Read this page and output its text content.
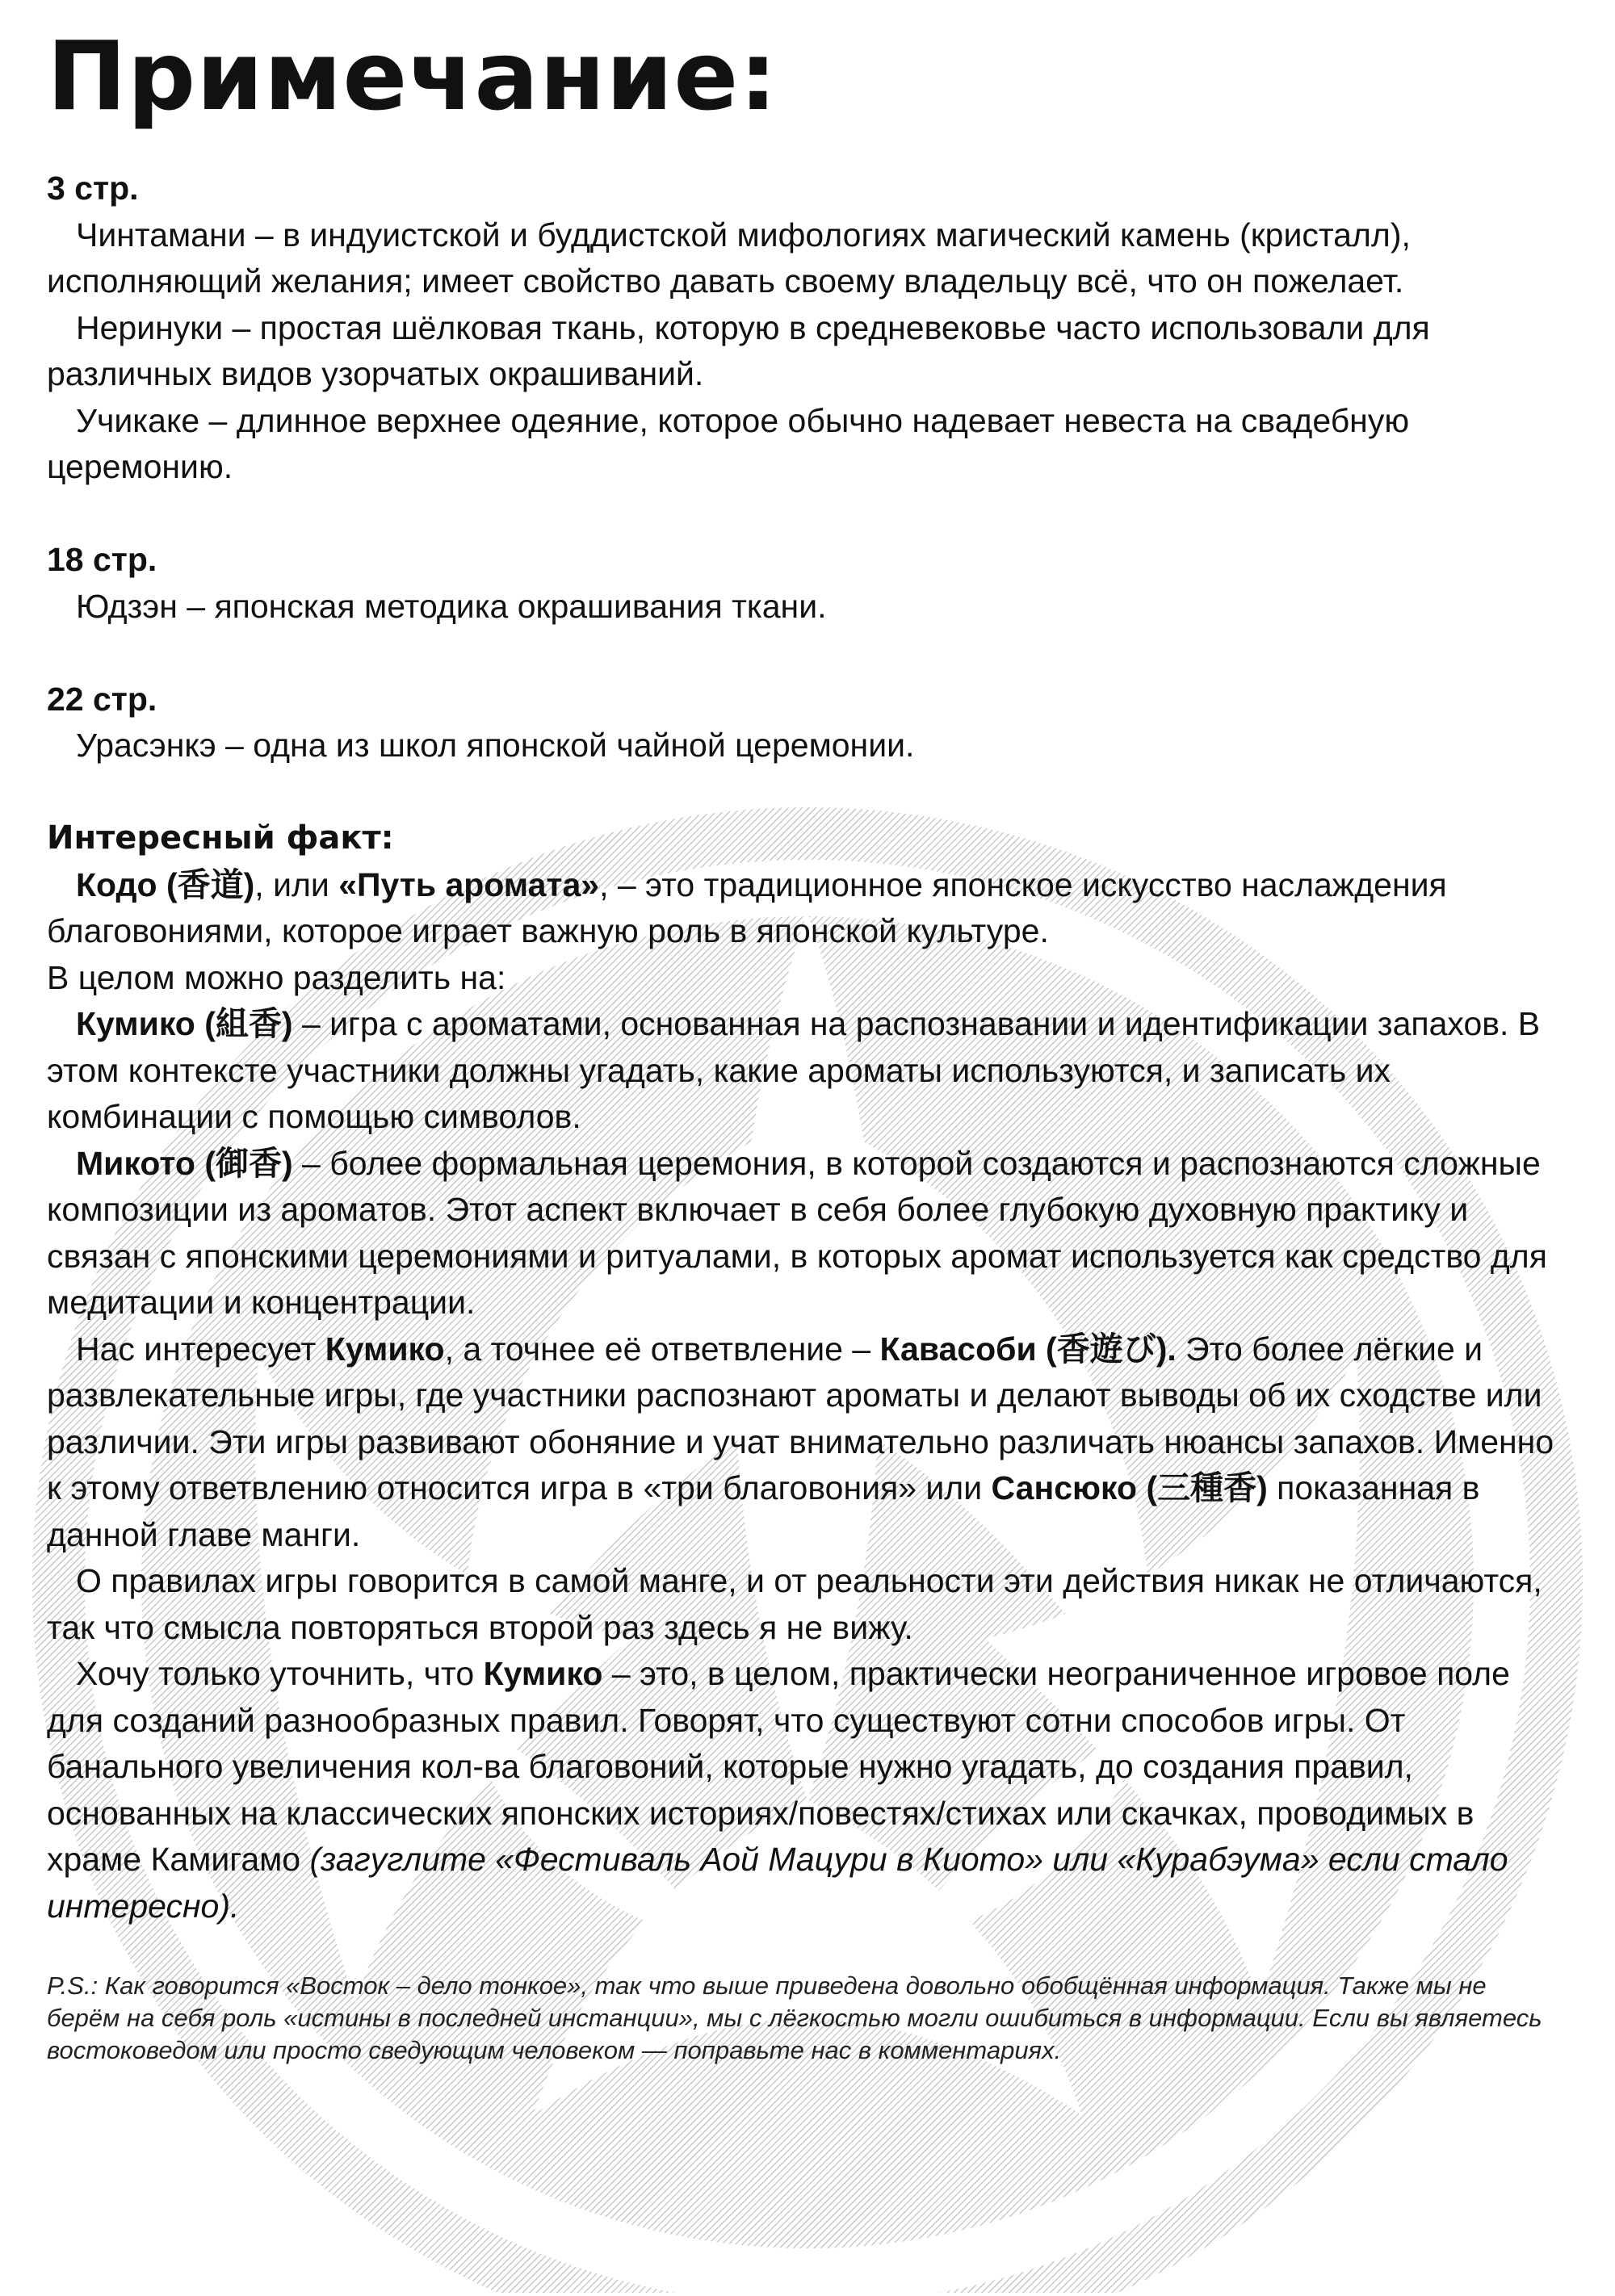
Примечание:
3 стр.
Чинтамани – в индуистской и буддистской мифологиях магический камень (кристалл), исполняющий желания; имеет свойство давать своему владельцу всё, что он пожелает.
Неринуки – простая шёлковая ткань, которую в средневековье часто использовали для различных видов узорчатых окрашиваний.
Учикаке – длинное верхнее одеяние, которое обычно надевает невеста на свадебную церемонию.
18 стр.
Юдзэн – японская методика окрашивания ткани.
22 стр.
Урасэнкэ – одна из школ японской чайной церемонии.
Интересный факт:
Кодо (香道), или «Путь аромата», – это традиционное японское искусство наслаждения благовониями, которое играет важную роль в японской культуре.
В целом можно разделить на:
Кумико (組香) – игра с ароматами, основанная на распознавании и идентификации запахов. В этом контексте участники должны угадать, какие ароматы используются, и записать их комбинации с помощью символов.
Микото (御香) – более формальная церемония, в которой создаются и распознаются сложные композиции из ароматов. Этот аспект включает в себя более глубокую духовную практику и связан с японскими церемониями и ритуалами, в которых аромат используется как средство для медитации и концентрации.
Нас интересует Кумико, а точнее её ответвление – Кавасоби (香遊び). Это более лёгкие и развлекательные игры, где участники распознают ароматы и делают выводы об их сходстве или различии. Эти игры развивают обоняние и учат внимательно различать нюансы запахов. Именно к этому ответвлению относится игра в «три благовония» или Сансюко (三種香) показанная в данной главе манги.
О правилах игры говорится в самой манге, и от реальности эти действия никак не отличаются, так что смысла повторяться второй раз здесь я не вижу.
Хочу только уточнить, что Кумико – это, в целом, практически неограниченное игровое поле для созданий разнообразных правил. Говорят, что существуют сотни способов игры. От банального увеличения кол-ва благовоний, которые нужно угадать, до создания правил, основанных на классических японских историях/повестях/стихах или скачках, проводимых в храме Камигамо (загуглите «Фестиваль Аой Мацури в Киото» или «Курабэума» если стало интересно).
P.S.: Как говорится «Восток – дело тонкое», так что выше приведена довольно обобщённая информация. Также мы не берём на себя роль «истины в последней инстанции», мы с лёгкостью могли ошибиться в информации. Если вы являетесь востоковедом или просто сведующим человеком — поправьте нас в комментариях.
